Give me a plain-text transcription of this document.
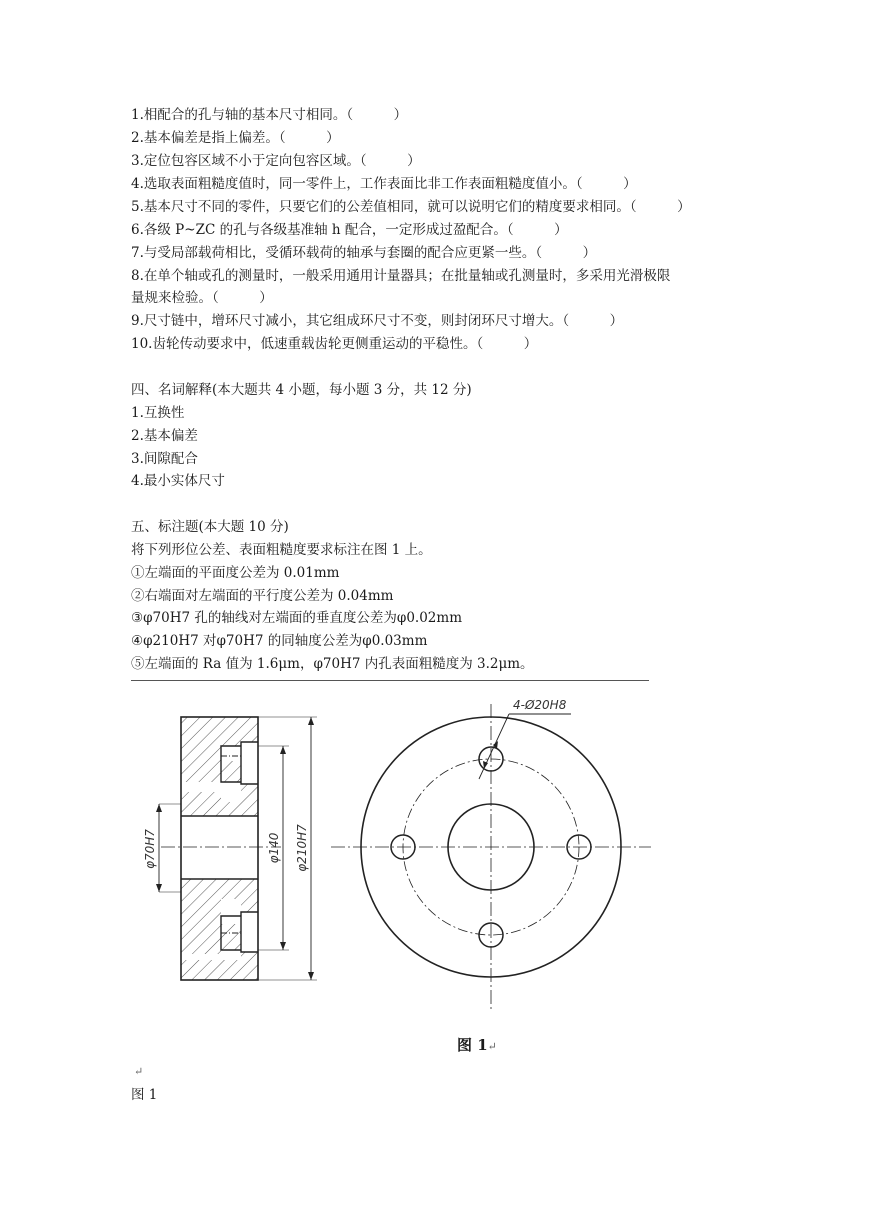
1.相配合的孔与轴的基本尺寸相同。（　　　）
2.基本偏差是指上偏差。（　　　）
3.定位包容区域不小于定向包容区域。（　　　）
4.选取表面粗糙度值时，同一零件上，工作表面比非工作表面粗糙度值小。（　　　）
5.基本尺寸不同的零件，只要它们的公差值相同，就可以说明它们的精度要求相同。（　　　）
6.各级 P~ZC 的孔与各级基准轴 h 配合，一定形成过盈配合。（　　　）
7.与受局部载荷相比，受循环载荷的轴承与套圈的配合应更紧一些。（　　　）
8.在单个轴或孔的测量时，一般采用通用计量器具；在批量轴或孔测量时，多采用光滑极限
量规来检验。（　　　）
9.尺寸链中，增环尺寸减小，其它组成环尺寸不变，则封闭环尺寸增大。（　　　）
10.齿轮传动要求中，低速重载齿轮更侧重运动的平稳性。（　　　）
四、名词解释(本大题共 4 小题，每小题 3 分，共 12 分)
1.互换性
2.基本偏差
3.间隙配合
4.最小实体尺寸
五、标注题(本大题 10 分)
将下列形位公差、表面粗糙度要求标注在图 1 上。
①左端面的平面度公差为 0.01mm
②右端面对左端面的平行度公差为 0.04mm
③φ70H7 孔的轴线对左端面的垂直度公差为φ0.02mm
④φ210H7 对φ70H7 的同轴度公差为φ0.03mm
⑤左端面的 Ra 值为 1.6μm，φ70H7 内孔表面粗糙度为 3.2μm。
φ70H7	φ140 φ210H7
4-Ø20H8
图 1↵
↵
图 1
